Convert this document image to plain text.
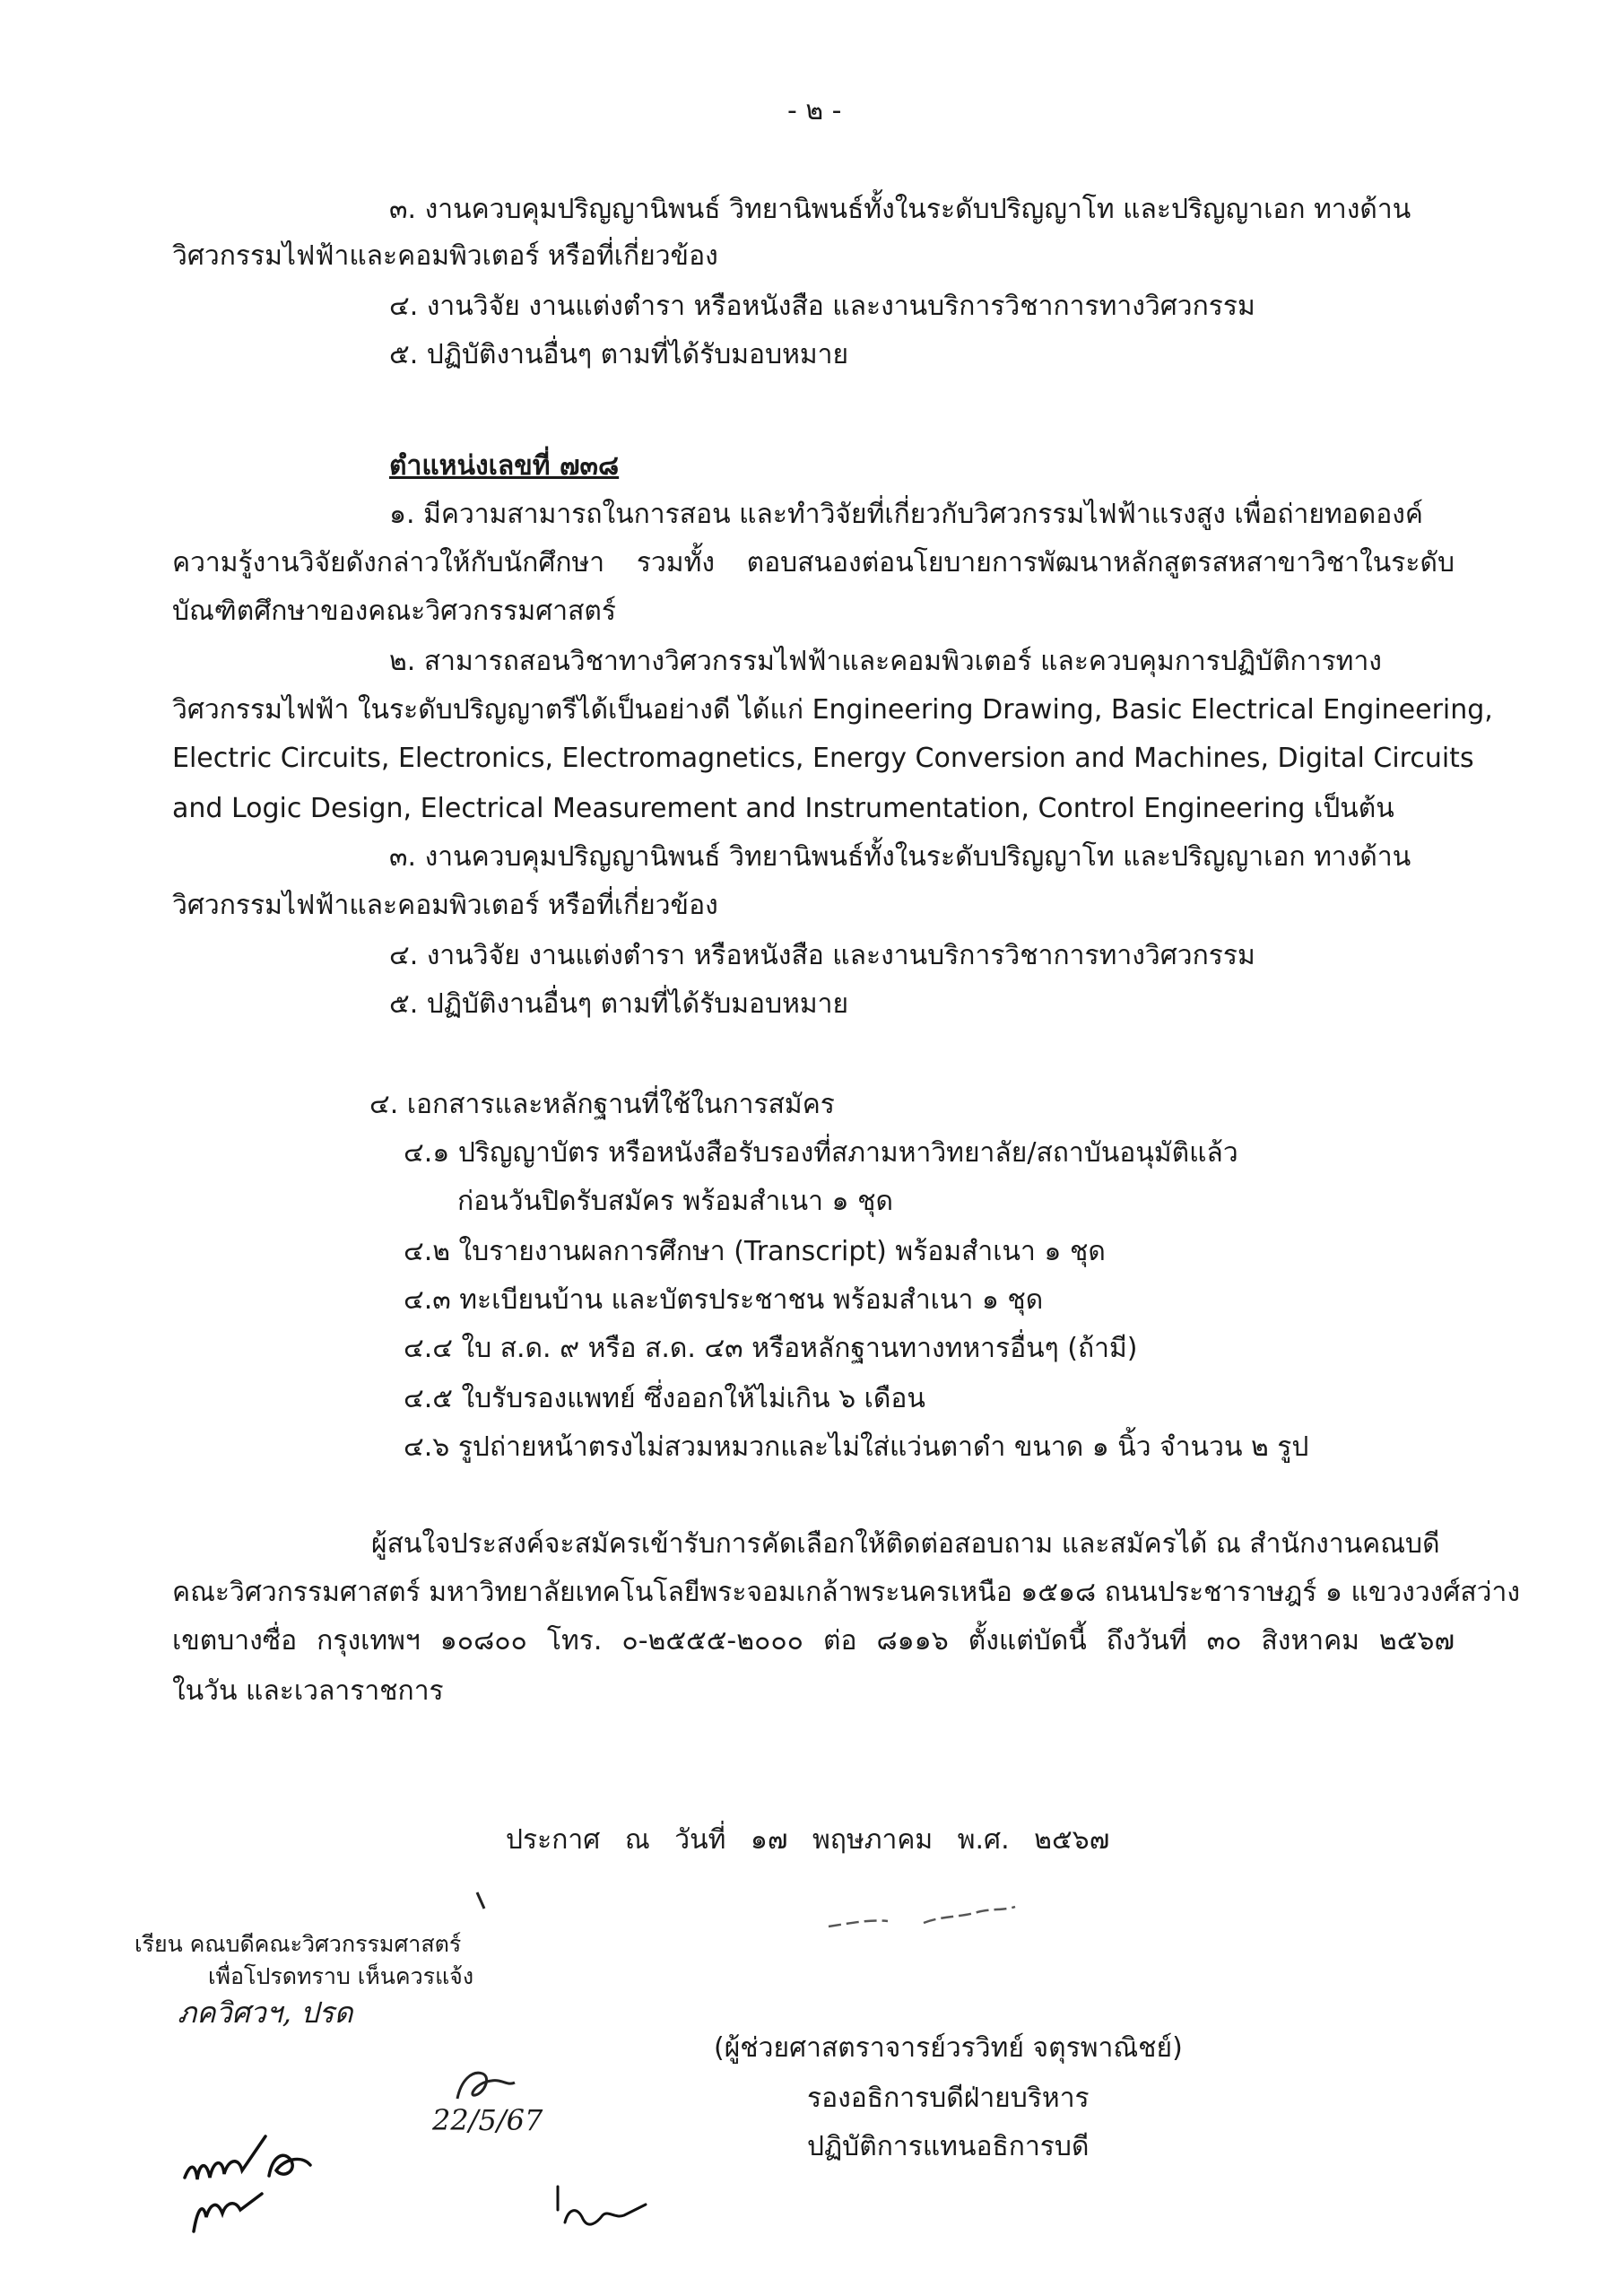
- ๒ -
๓. งานควบคุมปริญญานิพนธ์ วิทยานิพนธ์ทั้งในระดับปริญญาโท และปริญญาเอก ทางด้าน
วิศวกรรมไฟฟ้าและคอมพิวเตอร์ หรือที่เกี่ยวข้อง
๔. งานวิจัย งานแต่งตำรา หรือหนังสือ และงานบริการวิชาการทางวิศวกรรม
๕. ปฏิบัติงานอื่นๆ ตามที่ได้รับมอบหมาย
ตำแหน่งเลขที่ ๗๓๘
๑. มีความสามารถในการสอน และทำวิจัยที่เกี่ยวกับวิศวกรรมไฟฟ้าแรงสูง เพื่อถ่ายทอดองค์
ความรู้งานวิจัยดังกล่าวให้กับนักศึกษา รวมทั้ง ตอบสนองต่อนโยบายการพัฒนาหลักสูตรสหสาขาวิชาในระดับ
บัณฑิตศึกษาของคณะวิศวกรรมศาสตร์
๒. สามารถสอนวิชาทางวิศวกรรมไฟฟ้าและคอมพิวเตอร์ และควบคุมการปฏิบัติการทาง
วิศวกรรมไฟฟ้า ในระดับปริญญาตรีได้เป็นอย่างดี ได้แก่ Engineering Drawing, Basic Electrical Engineering,
Electric Circuits, Electronics, Electromagnetics, Energy Conversion and Machines, Digital Circuits
and Logic Design, Electrical Measurement and Instrumentation, Control Engineering เป็นต้น
๓. งานควบคุมปริญญานิพนธ์ วิทยานิพนธ์ทั้งในระดับปริญญาโท และปริญญาเอก ทางด้าน
วิศวกรรมไฟฟ้าและคอมพิวเตอร์ หรือที่เกี่ยวข้อง
๔. งานวิจัย งานแต่งตำรา หรือหนังสือ และงานบริการวิชาการทางวิศวกรรม
๕. ปฏิบัติงานอื่นๆ ตามที่ได้รับมอบหมาย
๔. เอกสารและหลักฐานที่ใช้ในการสมัคร
๔.๑ ปริญญาบัตร หรือหนังสือรับรองที่สภามหาวิทยาลัย/สถาบันอนุมัติแล้ว
ก่อนวันปิดรับสมัคร พร้อมสำเนา ๑ ชุด
๔.๒ ใบรายงานผลการศึกษา (Transcript) พร้อมสำเนา ๑ ชุด
๔.๓ ทะเบียนบ้าน และบัตรประชาชน พร้อมสำเนา ๑ ชุด
๔.๔ ใบ ส.ด. ๙ หรือ ส.ด. ๔๓ หรือหลักฐานทางทหารอื่นๆ (ถ้ามี)
๔.๕ ใบรับรองแพทย์ ซึ่งออกให้ไม่เกิน ๖ เดือน
๔.๖ รูปถ่ายหน้าตรงไม่สวมหมวกและไม่ใส่แว่นตาดำ ขนาด ๑ นิ้ว จำนวน ๒ รูป
ผู้สนใจประสงค์จะสมัครเข้ารับการคัดเลือกให้ติดต่อสอบถาม และสมัครได้ ณ สำนักงานคณบดี
คณะวิศวกรรมศาสตร์ มหาวิทยาลัยเทคโนโลยีพระจอมเกล้าพระนครเหนือ ๑๕๑๘ ถนนประชาราษฎร์ ๑ แขวงวงศ์สว่าง
เขตบางซื่อ กรุงเทพฯ ๑๐๘๐๐ โทร. ๐-๒๕๕๕-๒๐๐๐ ต่อ ๘๑๑๖ ตั้งแต่บัดนี้ ถึงวันที่ ๓๐ สิงหาคม ๒๕๖๗
ในวัน และเวลาราชการ
ประกาศ ณ วันที่ ๑๗ พฤษภาคม พ.ศ. ๒๕๖๗
เรียน คณบดีคณะวิศวกรรมศาสตร์
เพื่อโปรดทราบ เห็นควรแจ้ง
ภควิศวฯ, ปรด
22/5/67
(ผู้ช่วยศาสตราจารย์วรวิทย์ จตุรพาณิชย์)
รองอธิการบดีฝ่ายบริหาร
ปฏิบัติการแทนอธิการบดี
